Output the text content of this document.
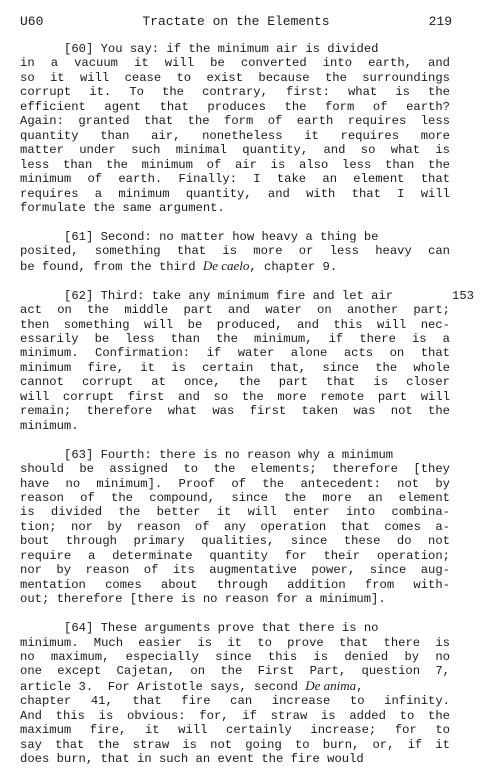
U60	Tractate on the Elements	219
[60] You say: if the minimum air is divided
in a vacuum it will be converted into earth, and
so it will cease to exist because the surroundings
corrupt it. To the contrary, first: what is the
efficient agent that produces the form of earth?
Again: granted that the form of earth requires less
quantity than air, nonetheless it requires more
matter under such minimal quantity, and so what is
less than the minimum of air is also less than the
minimum of earth. Finally: I take an element that
requires a minimum quantity, and with that I will
formulate the same argument.
[61] Second: no matter how heavy a thing be
posited, something that is more or less heavy can
be found, from the third De caelo, chapter 9.
[62] Third: take any minimum fire and let air
act on the middle part and water on another part;
then something will be produced, and this will nec-
essarily be less than the minimum, if there is a
minimum. Confirmation: if water alone acts on that
minimum fire, it is certain that, since the whole
cannot corrupt at once, the part that is closer
will corrupt first and so the more remote part will
remain; therefore what was first taken was not the
minimum.
[63] Fourth: there is no reason why a minimum
should be assigned to the elements; therefore [they
have no minimum]. Proof of the antecedent: not by
reason of the compound, since the more an element
is divided the better it will enter into combina-
tion; nor by reason of any operation that comes a-
bout through primary qualities, since these do not
require a determinate quantity for their operation;
nor by reason of its augmentative power, since aug-
mentation comes about through addition from with-
out; therefore [there is no reason for a minimum].
[64] These arguments prove that there is no
minimum. Much easier is it to prove that there is
no maximum, especially since this is denied by no
one except Cajetan, on the First Part, question 7,
article 3.  For Aristotle says, second De anima,
chapter 41, that fire can increase to infinity.
And this is obvious: for, if straw is added to the
maximum fire, it will certainly increase; for to
say that the straw is not going to burn, or, if it
does burn, that in such an event the fire would
153
